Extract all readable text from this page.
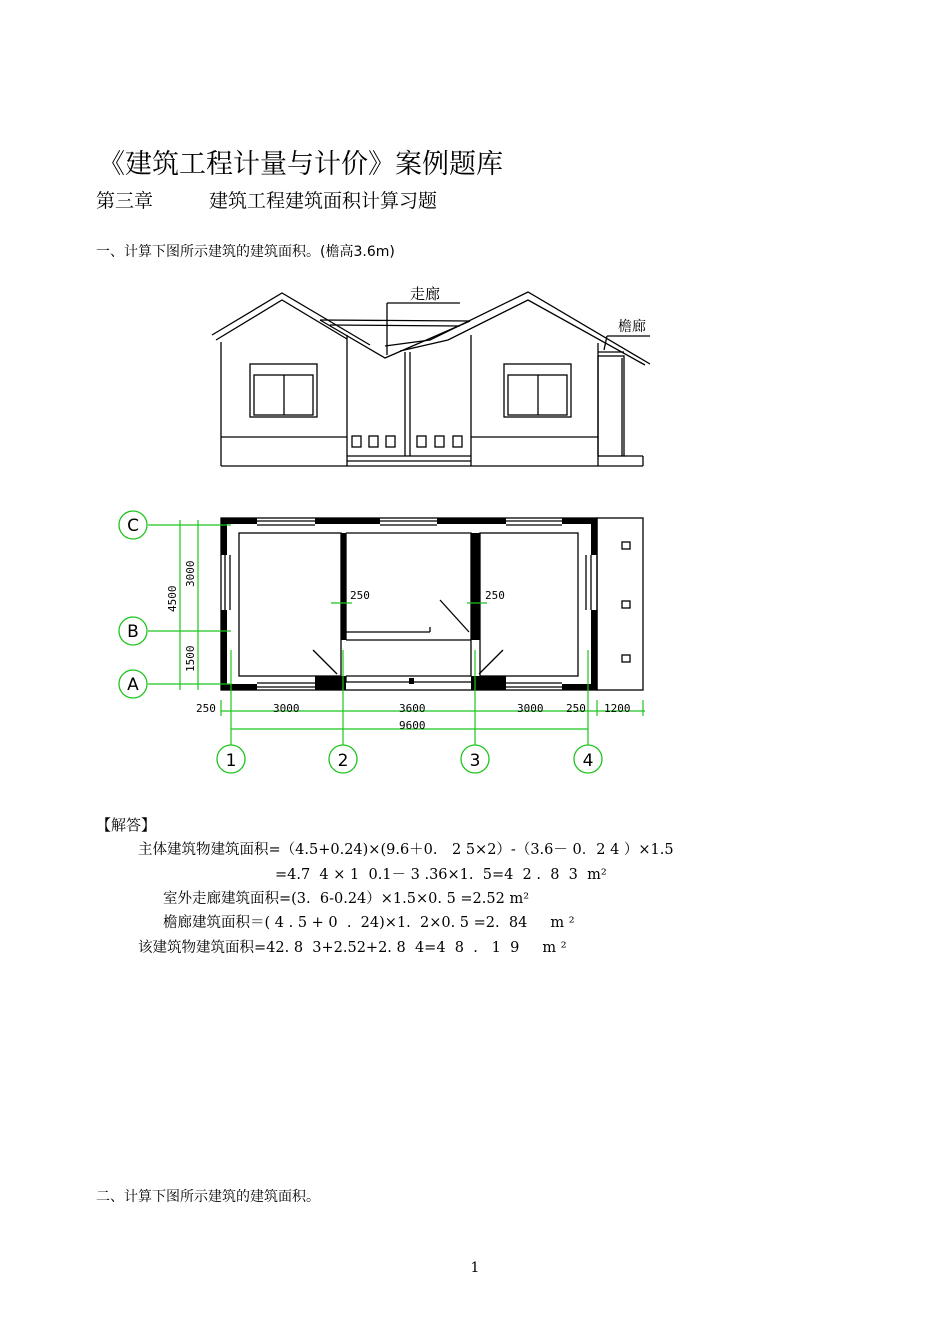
《建筑工程计量与计价》案例题库
第三章	建筑工程建筑面积计算习题
一、计算下图所示建筑的建筑面积。(檐高3.6m)
走廊
檐廊
C
B
A
1	2	3	4
4500
3000
1500
250	250
250	3000	3600	3000 250 1200
9600
【解答】
主体建筑物建筑面积=（4.5+0.24)×(9.6＋0.　2 5×2）-（3.6－ 0．2 4 ）×1.5
=4.7  4 × 1  0.1－ 3 .36×1.  5=4  2 .  8  3  m²
室外走廊建筑面积=(3.  6-0.24）×1.5×0. 5 =2.52 m²
檐廊建筑面积＝( 4 . 5 + 0  .  24)×1.  2×0. 5 =2.  84     m ²
该建筑物建筑面积=42. 8  3+2.52+2. 8  4=4  8  .   1  9     m ²
二、计算下图所示建筑的建筑面积。
1
